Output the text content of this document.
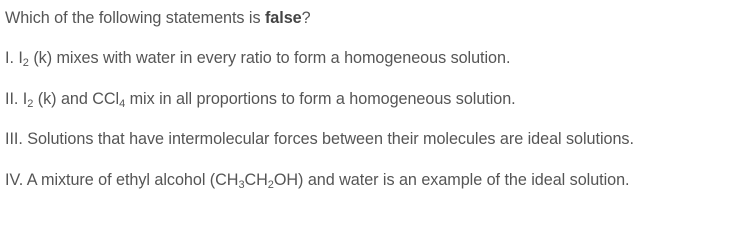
Which of the following statements is false?
I. $I_2$ (k) mixes with water in every ratio to form a homogeneous solution.
II. $I_2$ (k) and CCl$_4$ mix in all proportions to form a homogeneous solution.
III. Solutions that have intermolecular forces between their molecules are ideal solutions.
IV. A mixture of ethyl alcohol $(CH_3CH_2OH)$ and water is an example of the ideal solution.
